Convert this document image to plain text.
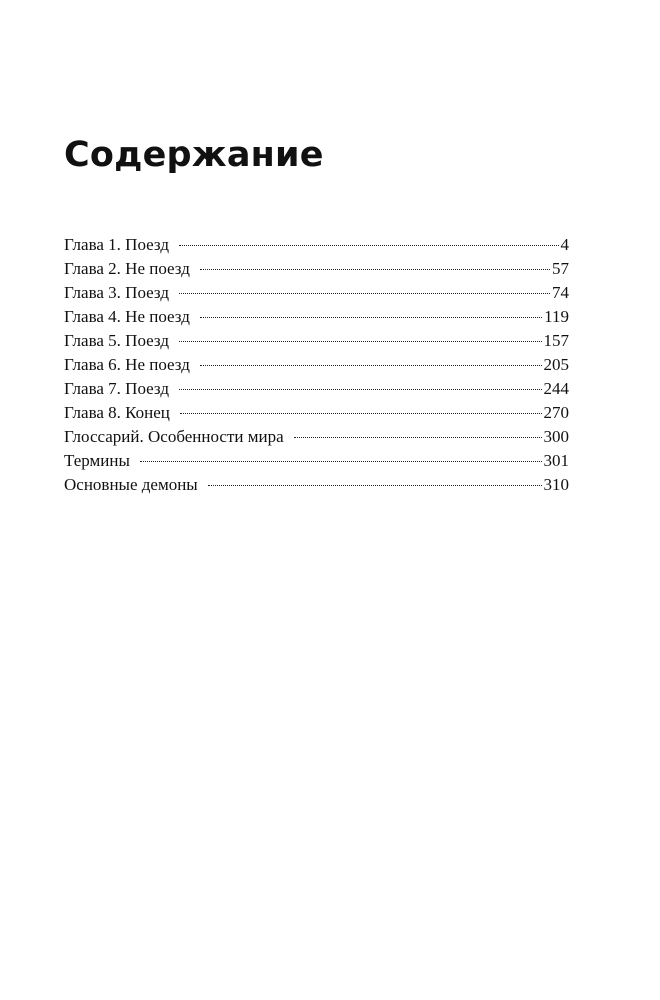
Содержание
Глава 1. Поезд	4
Глава 2. Не поезд	57
Глава 3. Поезд	74
Глава 4. Не поезд	119
Глава 5. Поезд	157
Глава 6. Не поезд	205
Глава 7. Поезд	244
Глава 8. Конец	270
Глоссарий. Особенности мира	300
Термины	301
Основные демоны	310
